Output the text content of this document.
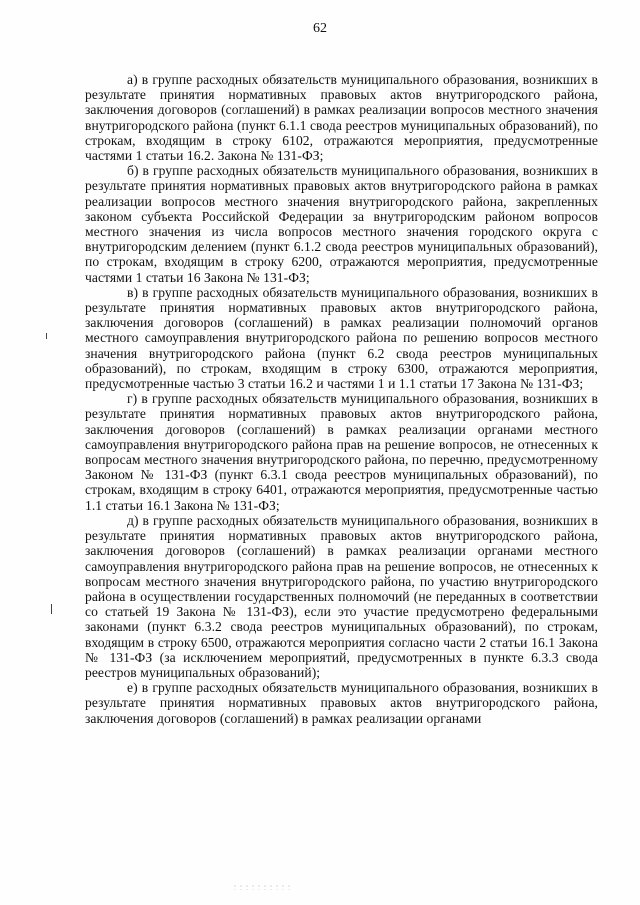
62

а) в группе расходных обязательств муниципального образования, возникших в результате принятия нормативных правовых актов внутригородского района, заключения договоров (соглашений) в рамках реализации вопросов местного значения внутригородского района (пункт 6.1.1 свода реестров муниципальных образований), по строкам, входящим в строку 6102, отражаются мероприятия, предусмотренные частями 1 статьи 16.2. Закона № 131-ФЗ;

б) в группе расходных обязательств муниципального образования, возникших в результате принятия нормативных правовых актов внутригородского района в рамках реализации вопросов местного значения внутригородского района, закрепленных законом субъекта Российской Федерации за внутригородским районом вопросов местного значения из числа вопросов местного значения городского округа с внутригородским делением (пункт 6.1.2 свода реестров муниципальных образований), по строкам, входящим в строку 6200, отражаются мероприятия, предусмотренные частями 1 статьи 16 Закона № 131-ФЗ;

в) в группе расходных обязательств муниципального образования, возникших в результате принятия нормативных правовых актов внутригородского района, заключения договоров (соглашений) в рамках реализации полномочий органов местного самоуправления внутригородского района по решению вопросов местного значения внутригородского района (пункт 6.2 свода реестров муниципальных образований), по строкам, входящим в строку 6300, отражаются мероприятия, предусмотренные частью 3 статьи 16.2 и частями 1 и 1.1 статьи 17 Закона № 131-ФЗ;

г) в группе расходных обязательств муниципального образования, возникших в результате принятия нормативных правовых актов внутригородского района, заключения договоров (соглашений) в рамках реализации органами местного самоуправления внутригородского района прав на решение вопросов, не отнесенных к вопросам местного значения внутригородского района, по перечню, предусмотренному Законом № 131-ФЗ (пункт 6.3.1 свода реестров муниципальных образований), по строкам, входящим в строку 6401, отражаются мероприятия, предусмотренные частью 1.1 статьи 16.1 Закона № 131-ФЗ;

д) в группе расходных обязательств муниципального образования, возникших в результате принятия нормативных правовых актов внутригородского района, заключения договоров (соглашений) в рамках реализации органами местного самоуправления внутригородского района прав на решение вопросов, не отнесенных к вопросам местного значения внутригородского района, по участию внутригородского района в осуществлении государственных полномочий (не переданных в соответствии со статьей 19 Закона № 131-ФЗ), если это участие предусмотрено федеральными законами (пункт 6.3.2 свода реестров муниципальных образований), по строкам, входящим в строку 6500, отражаются мероприятия согласно части 2 статьи 16.1 Закона № 131-ФЗ (за исключением мероприятий, предусмотренных в пункте 6.3.3 свода реестров муниципальных образований);

е) в группе расходных обязательств муниципального образования, возникших в результате принятия нормативных правовых актов внутригородского района, заключения договоров (соглашений) в рамках реализации органами
